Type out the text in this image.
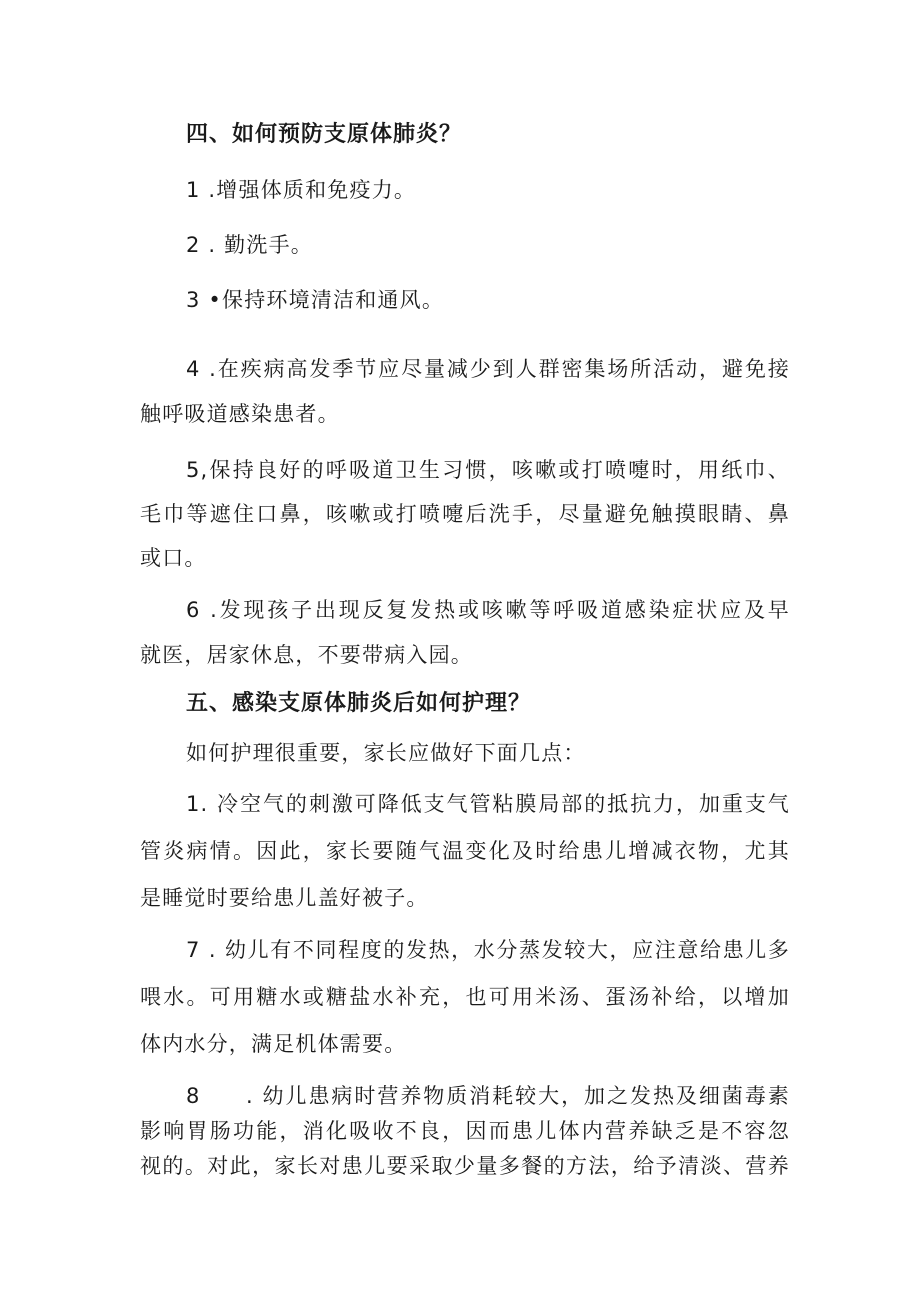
四、如何预防支原体肺炎？

1 .增强体质和免疫力。

2 . 勤洗手。

3 •保持环境清洁和通风。

4 .在疾病高发季节应尽量减少到人群密集场所活动，避免接

触呼吸道感染患者。

5,保持良好的呼吸道卫生习惯，咳嗽或打喷嚏时，用纸巾、

毛巾等遮住口鼻，咳嗽或打喷嚏后洗手，尽量避免触摸眼睛、鼻

或口。

6 .发现孩子出现反复发热或咳嗽等呼吸道感染症状应及早

就医，居家休息，不要带病入园。

五、感染支原体肺炎后如何护理？

如何护理很重要，家长应做好下面几点：

1. 冷空气的刺激可降低支气管粘膜局部的抵抗力，加重支气

管炎病情。因此，家长要随气温变化及时给患儿增减衣物，尤其

是睡觉时要给患儿盖好被子。

7 . 幼儿有不同程度的发热，水分蒸发较大，应注意给患儿多

喂水。可用糖水或糖盐水补充，也可用米汤、蛋汤补给，以增加

体内水分，满足机体需要。

8 . 幼儿患病时营养物质消耗较大，加之发热及细菌毒素

影响胃肠功能，消化吸收不良，因而患儿体内营养缺乏是不容忽

视的。对此，家长对患儿要采取少量多餐的方法，给予清淡、营养
